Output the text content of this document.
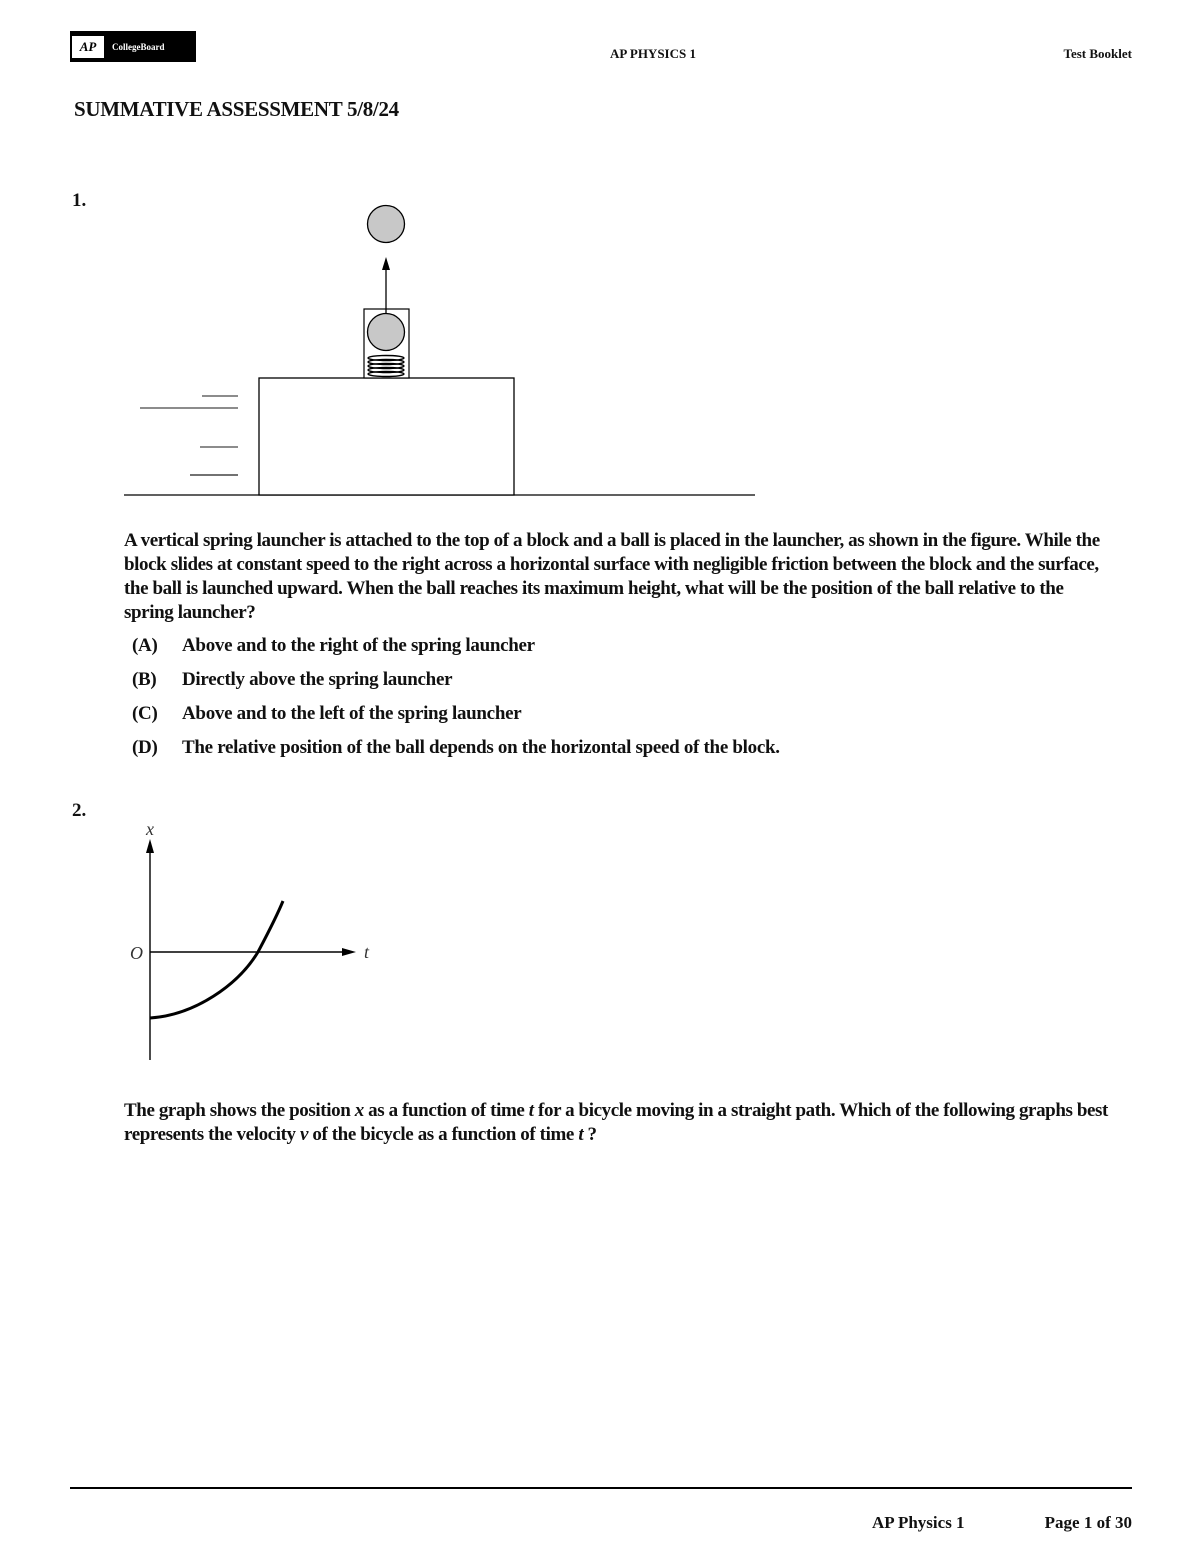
AP	CollegeBoard	AP PHYSICS 1	Test Booklet
SUMMATIVE ASSESSMENT 5/8/24
1.
A vertical spring launcher is attached to the top of a block and a ball is placed in the launcher, as shown in the figure. While the block slides at constant speed to the right across a horizontal surface with negligible friction between the block and the surface, the ball is launched upward. When the ball reaches its maximum height, what will be the position of the ball relative to the spring launcher?
(A) Above and to the right of the spring launcher
(B) Directly above the spring launcher
(C) Above and to the left of the spring launcher
(D) The relative position of the ball depends on the horizontal speed of the block.
2.
x
t
O
The graph shows the position x as a function of time t for a bicycle moving in a straight path. Which of the following graphs best represents the velocity v of the bicycle as a function of time t ?
AP Physics 1	Page 1 of 30
